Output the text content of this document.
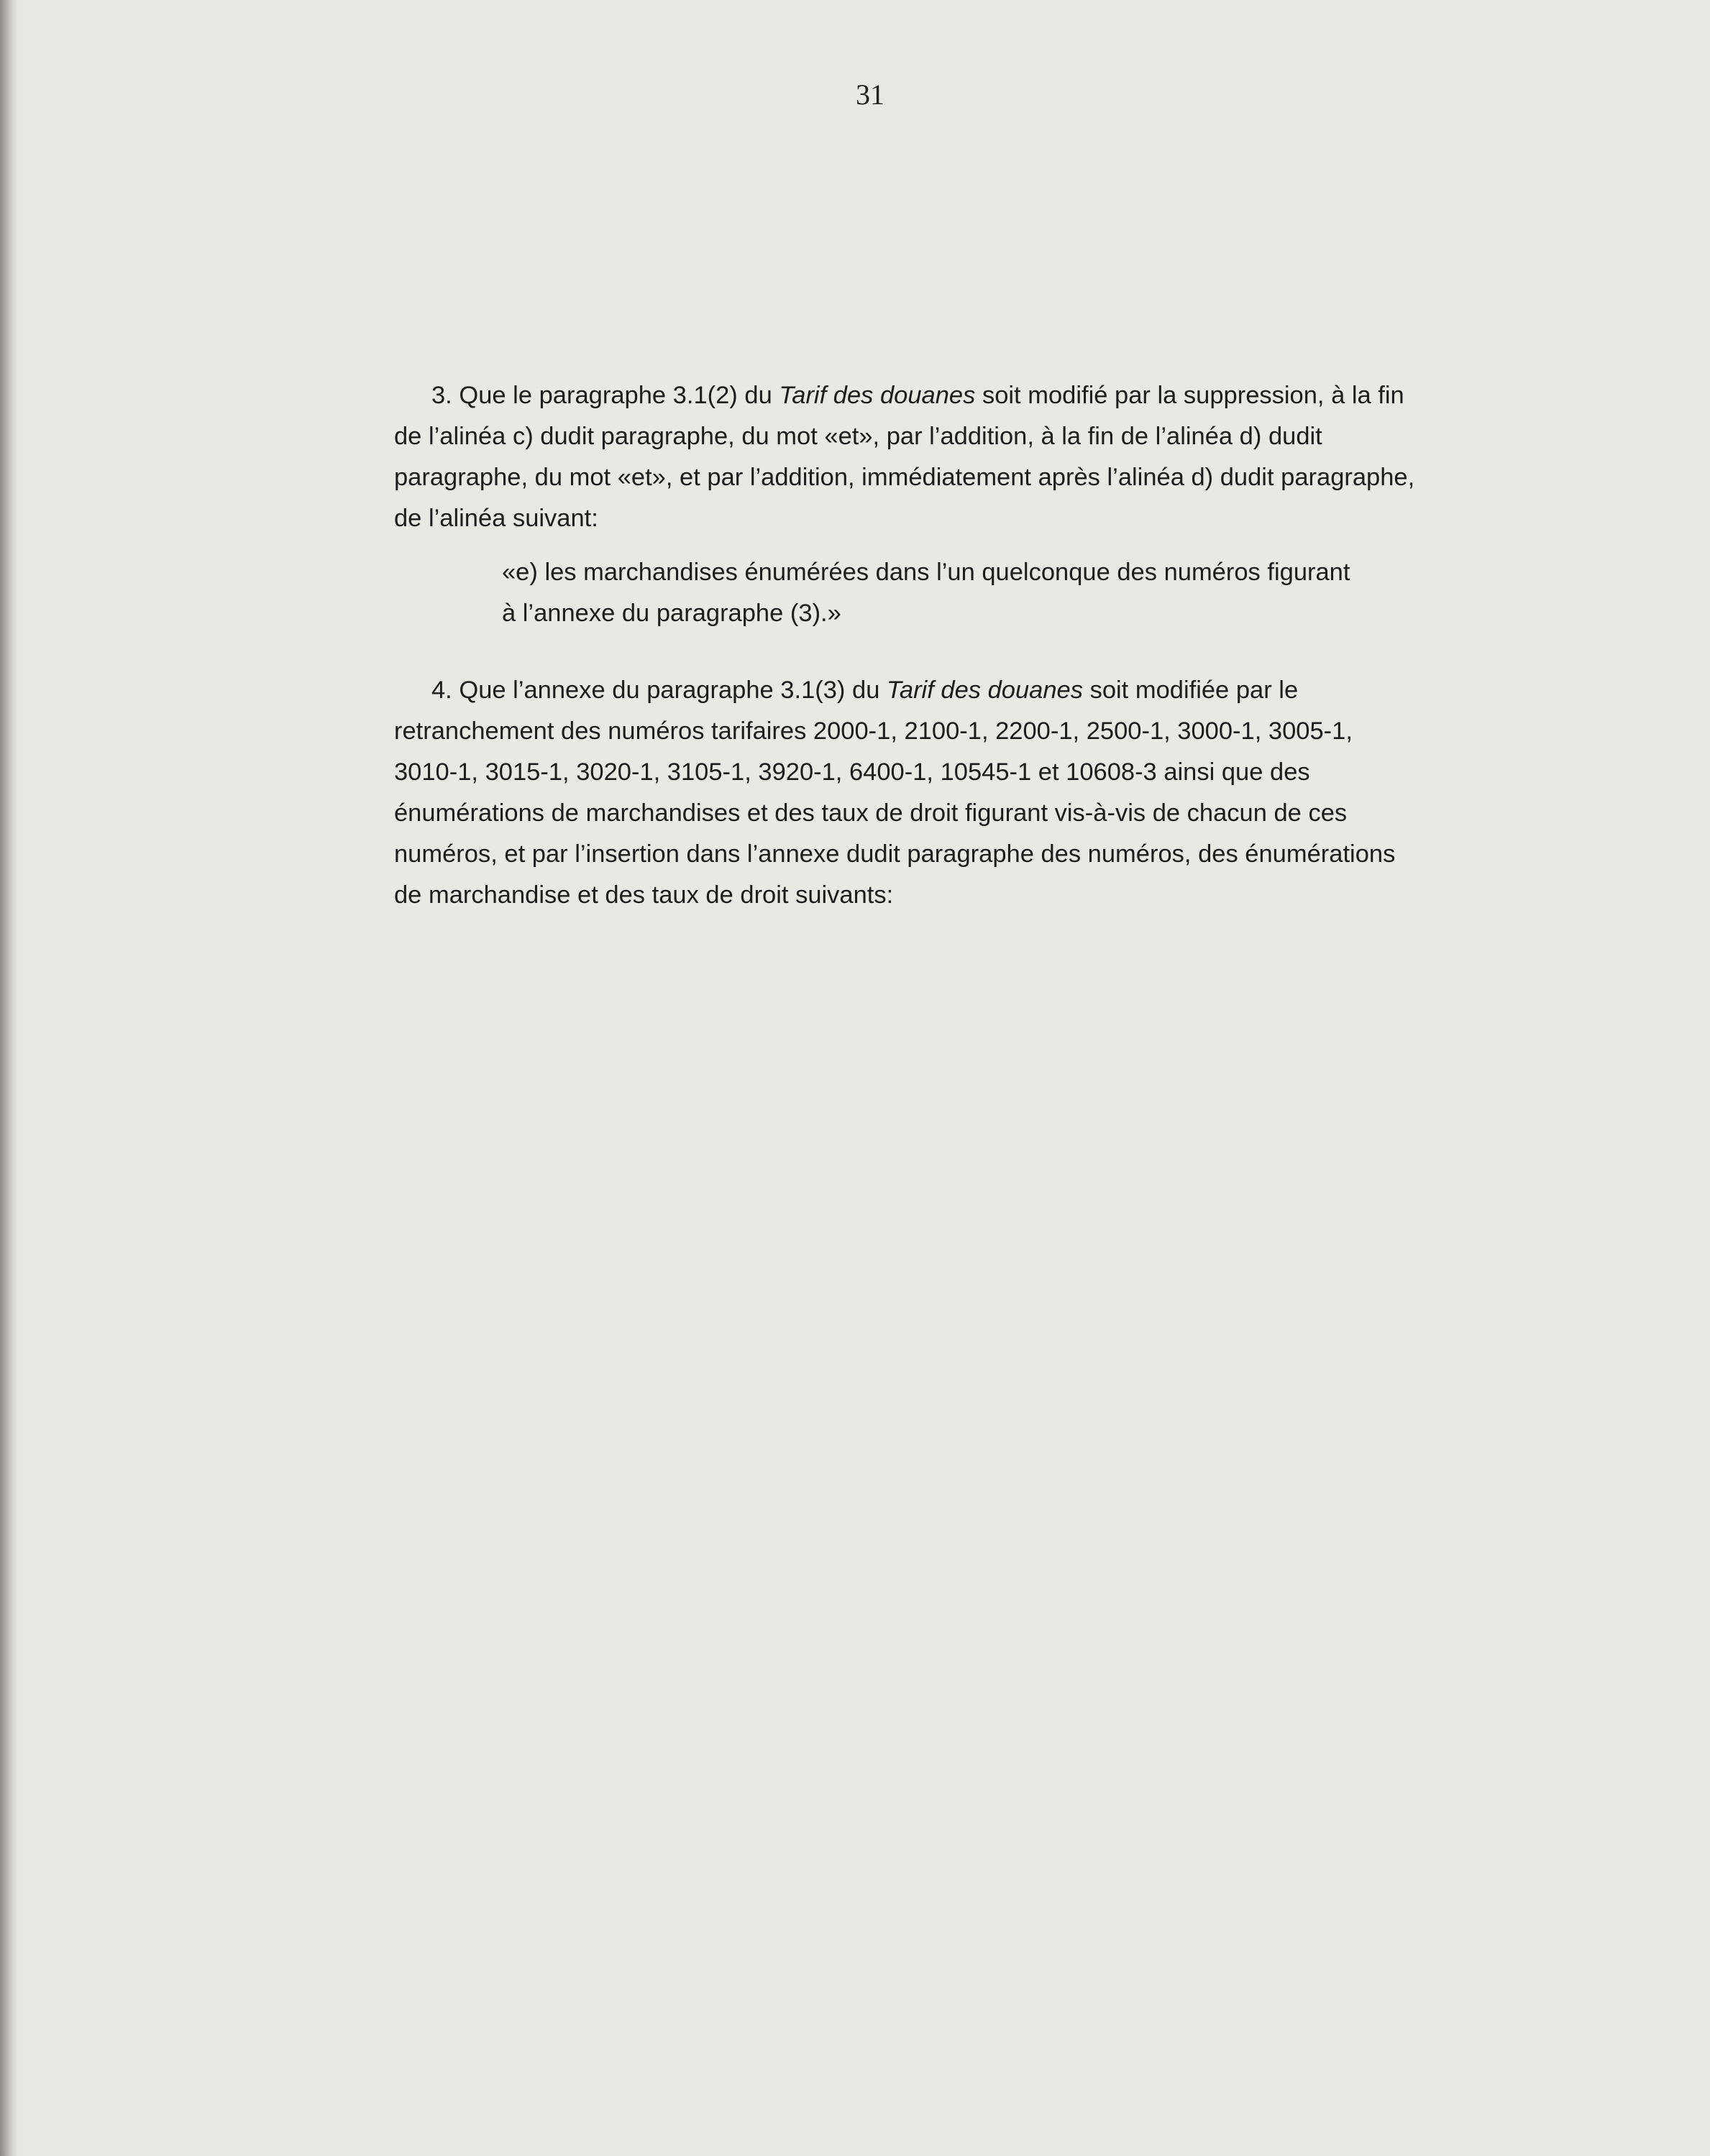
31

3. Que le paragraphe 3.1(2) du Tarif des douanes soit modifié par la suppression, à la fin de l’alinéa c) dudit paragraphe, du mot «et», par l’addition, à la fin de l’alinéa d) dudit paragraphe, du mot «et», et par l’addition, immédiatement après l’alinéa d) dudit paragraphe, de l’alinéa suivant:

«e) les marchandises énumérées dans l’un quelconque des numéros figurant à l’annexe du paragraphe (3).»

4. Que l’annexe du paragraphe 3.1(3) du Tarif des douanes soit modifiée par le retranchement des numéros tarifaires 2000-1, 2100-1, 2200-1, 2500-1, 3000-1, 3005-1, 3010-1, 3015-1, 3020-1, 3105-1, 3920-1, 6400-1, 10545-1 et 10608-3 ainsi que des énumérations de marchandises et des taux de droit figurant vis-à-vis de chacun de ces numéros, et par l’insertion dans l’annexe dudit paragraphe des numéros, des énumérations de marchandise et des taux de droit suivants:
